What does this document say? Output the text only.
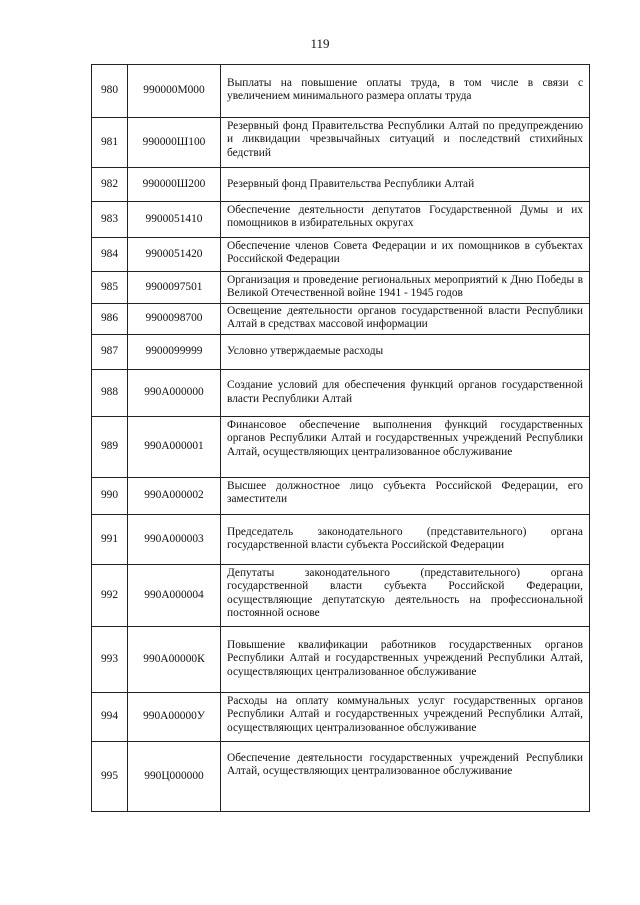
119
980	990000М000	Выплаты на повышение оплаты труда, в том числе в связи с увеличением минимального размера оплаты труда
981	990000Ш100	Резервный фонд Правительства Республики Алтай по предупреждению и ликвидации чрезвычайных ситуаций и последствий стихийных бедствий
982	990000Ш200	Резервный фонд Правительства Республики Алтай
983	9900051410	Обеспечение деятельности депутатов Государственной Думы и их помощников в избирательных округах
984	9900051420	Обеспечение членов Совета Федерации и их помощников в субъектах Российской Федерации
985	9900097501	Организация и проведение региональных мероприятий к Дню Победы в Великой Отечественной войне 1941 - 1945 годов
986	9900098700	Освещение деятельности органов государственной власти Республики Алтай в средствах массовой информации
987	9900099999	Условно утверждаемые расходы
988	990А000000	Создание условий для обеспечения функций органов государственной власти Республики Алтай
989	990А000001	Финансовое обеспечение выполнения функций государственных органов Республики Алтай и государственных учреждений Республики Алтай, осуществляющих централизованное обслуживание
990	990А000002	Высшее должностное лицо субъекта Российской Федерации, его заместители
991	990А000003	Председатель законодательного (представительного) органа государственной власти субъекта Российской Федерации
992	990А000004	Депутаты законодательного (представительного) органа государственной власти субъекта Российской Федерации, осуществляющие депутатскую деятельность на профессиональной постоянной основе
993	990А00000К	Повышение квалификации работников государственных органов Республики Алтай и государственных учреждений Республики Алтай, осуществляющих централизованное обслуживание
994	990А00000У	Расходы на оплату коммунальных услуг государственных органов Республики Алтай и государственных учреждений Республики Алтай, осуществляющих централизованное обслуживание
995	990Ц000000	Обеспечение деятельности государственных учреждений Республики Алтай, осуществляющих централизованное обслуживание
